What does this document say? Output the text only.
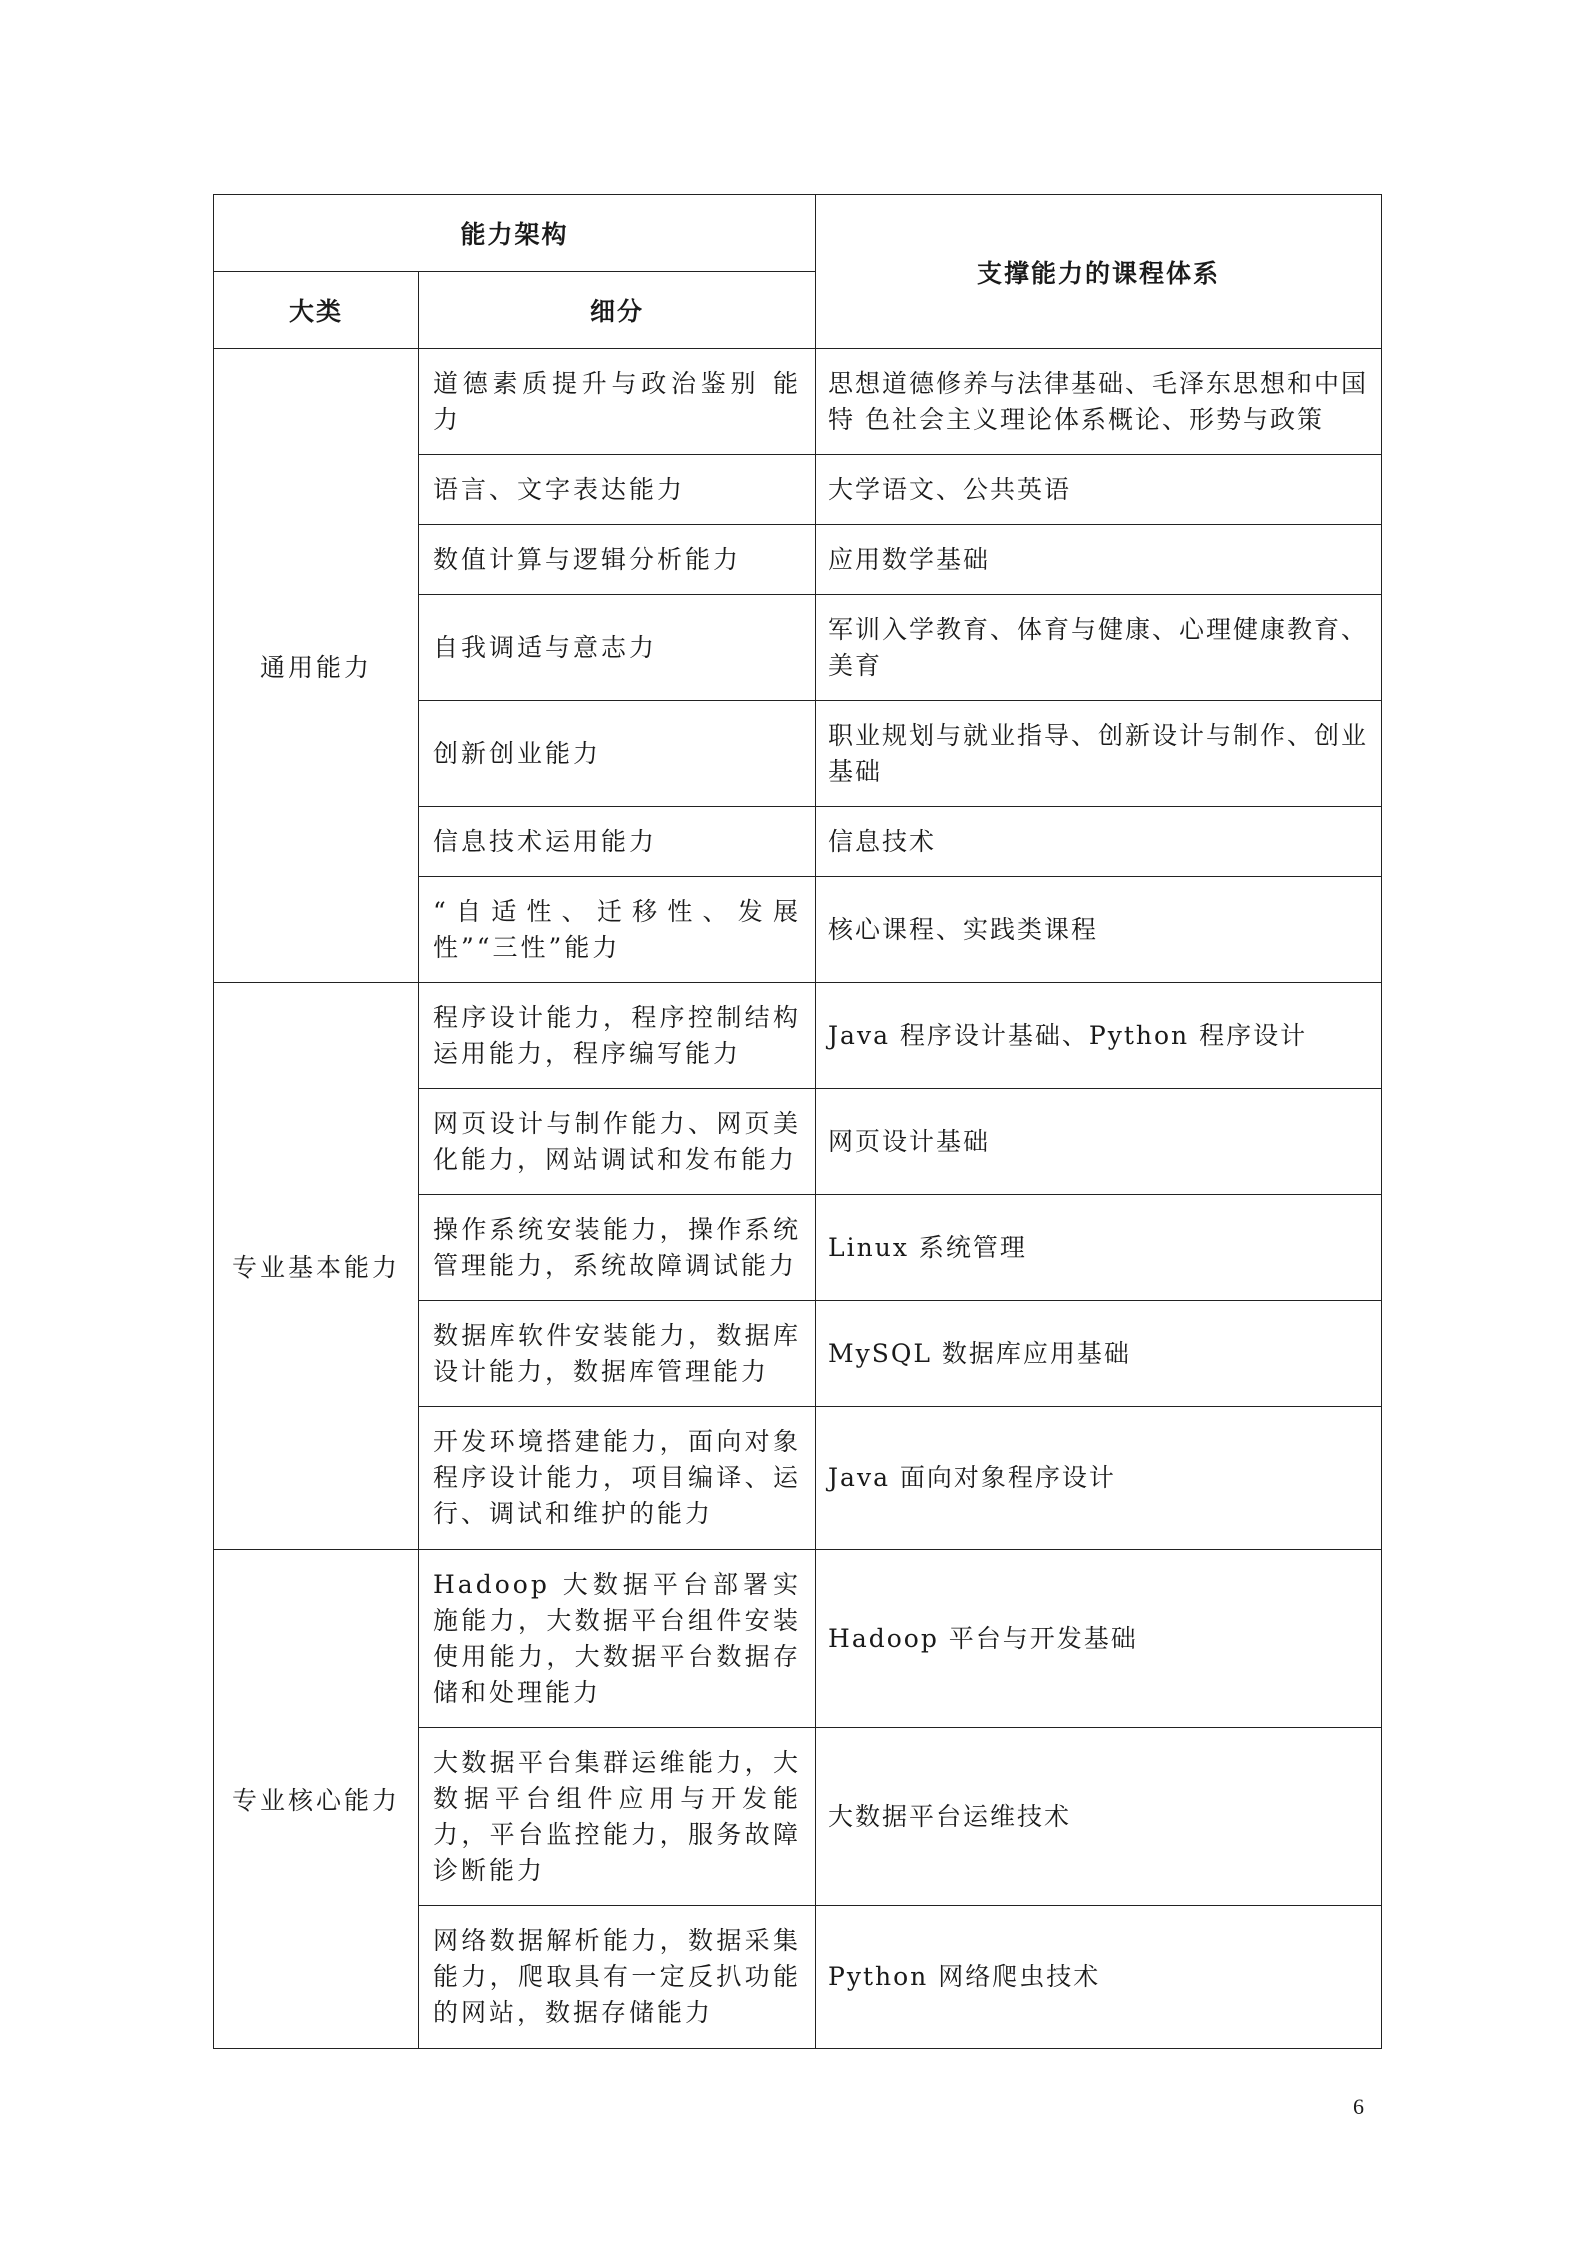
能力架构		支撑能力的课程体系
大类	细分	
通用能力	道德素质提升与政治鉴别 能力	思想道德修养与法律基础、毛泽东思想和中国特 色社会主义理论体系概论、形势与政策
	语言、文字表达能力	大学语文、公共英语
	数值计算与逻辑分析能力	应用数学基础
	自我调适与意志力	军训入学教育、体育与健康、心理健康教育、美育
	创新创业能力	职业规划与就业指导、创新设计与制作、创业基础
	信息技术运用能力	信息技术
	“自适性、迁移性、发展性”“三性”能力	核心课程、实践类课程
专业基本能力	程序设计能力，程序控制结构运用能力，程序编写能力	Java 程序设计基础、Python 程序设计
	网页设计与制作能力、网页美化能力，网站调试和发布能力	网页设计基础
	操作系统安装能力，操作系统管理能力，系统故障调试能力	Linux 系统管理
	数据库软件安装能力，数据库设计能力，数据库管理能力	MySQL 数据库应用基础
	开发环境搭建能力，面向对象程序设计能力，项目编译、运行、调试和维护的能力	Java 面向对象程序设计
专业核心能力	Hadoop 大数据平台部署实施能力，大数据平台组件安装使用能力，大数据平台数据存储和处理能力	Hadoop 平台与开发基础
	大数据平台集群运维能力，大数据平台组件应用与开发能力，平台监控能力，服务故障诊断能力	大数据平台运维技术
	网络数据解析能力，数据采集能力，爬取具有一定反扒功能的网站，数据存储能力	Python 网络爬虫技术
6
